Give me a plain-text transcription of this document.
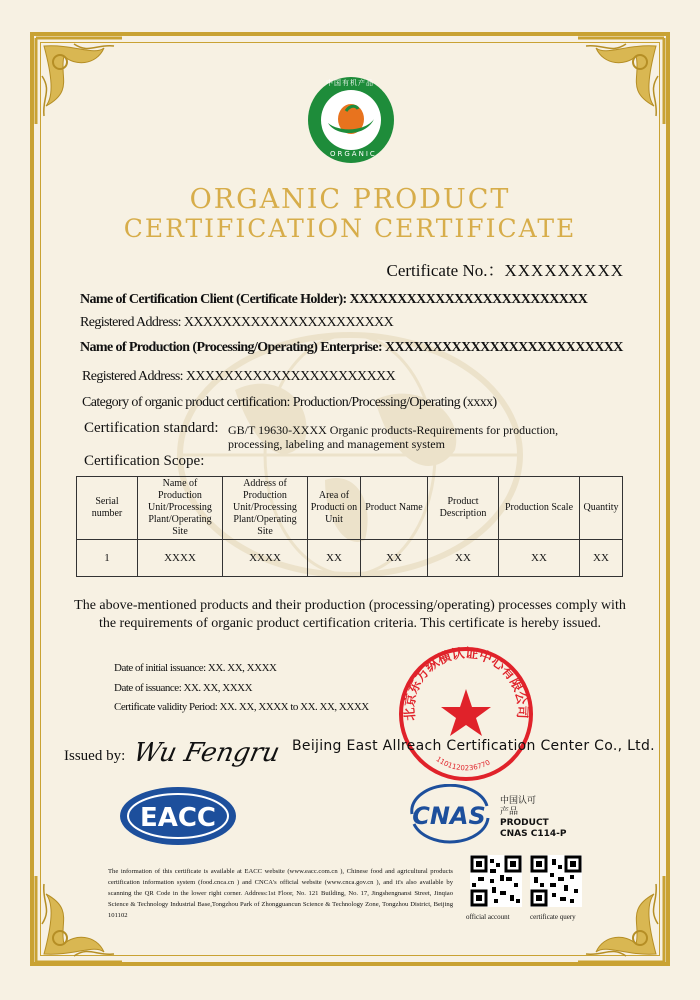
中国有机产品
ORGANIC
ORGANIC PRODUCT
CERTIFICATION CERTIFICATE
Certificate No.：XXXXXXXXX
Name of Certification Client (Certificate Holder): XXXXXXXXXXXXXXXXXXXXXXXXX
Registered Address: XXXXXXXXXXXXXXXXXXXXXX
Name of Production (Processing/Operating) Enterprise: XXXXXXXXXXXXXXXXXXXXXXXXX
Registered Address: XXXXXXXXXXXXXXXXXXXXXX
Category of organic product certification: Production/Processing/Operating (xxxx)
Certification standard: GB/T 19630-XXXX Organic products-Requirements for production, processing, labeling and management system
Certification Scope:
Serial number	Name of Production Unit/Processing Plant/Operating Site	Address of Production Unit/Processing Plant/Operating Site	Area of Producti on Unit	Product Name	Product Description	Production Scale	Quantity
1	XXXX	XXXX	XX	XX	XX	XX	XX
The above-mentioned products and their production (processing/operating) processes comply with the requirements of organic product certification criteria. This certificate is hereby issued.
Date of initial issuance: XX. XX, XXXX
Date of issuance: XX. XX, XXXX
Certificate validity Period: XX. XX, XXXX to XX. XX, XXXX
北京东方纵横认证中心有限公司
1101120236770
Issued by: Wu Fengru Beijing East Allreach Certification Center Co., Ltd.
EACC	CNAS
中国认可
产品
PRODUCT
CNAS C114-P
The information of this certificate is available at EACC website (www.eacc.com.cn ), Chinese food and agricultural products certification information system (food.cnca.cn ) and CNCA's official website (www.cnca.gov.cn ), and it's also available by scanning the QR Code in the lower right corner. Address:1st Floor, No. 121 Building, No. 17, Jingshengnansi Street, Jinqiao Science & Technology Industrial Base,Tongzhou Park of Zhongguancun Science & Technology Zone, Tongzhou District, Beijing 101102	official account	certificate query
